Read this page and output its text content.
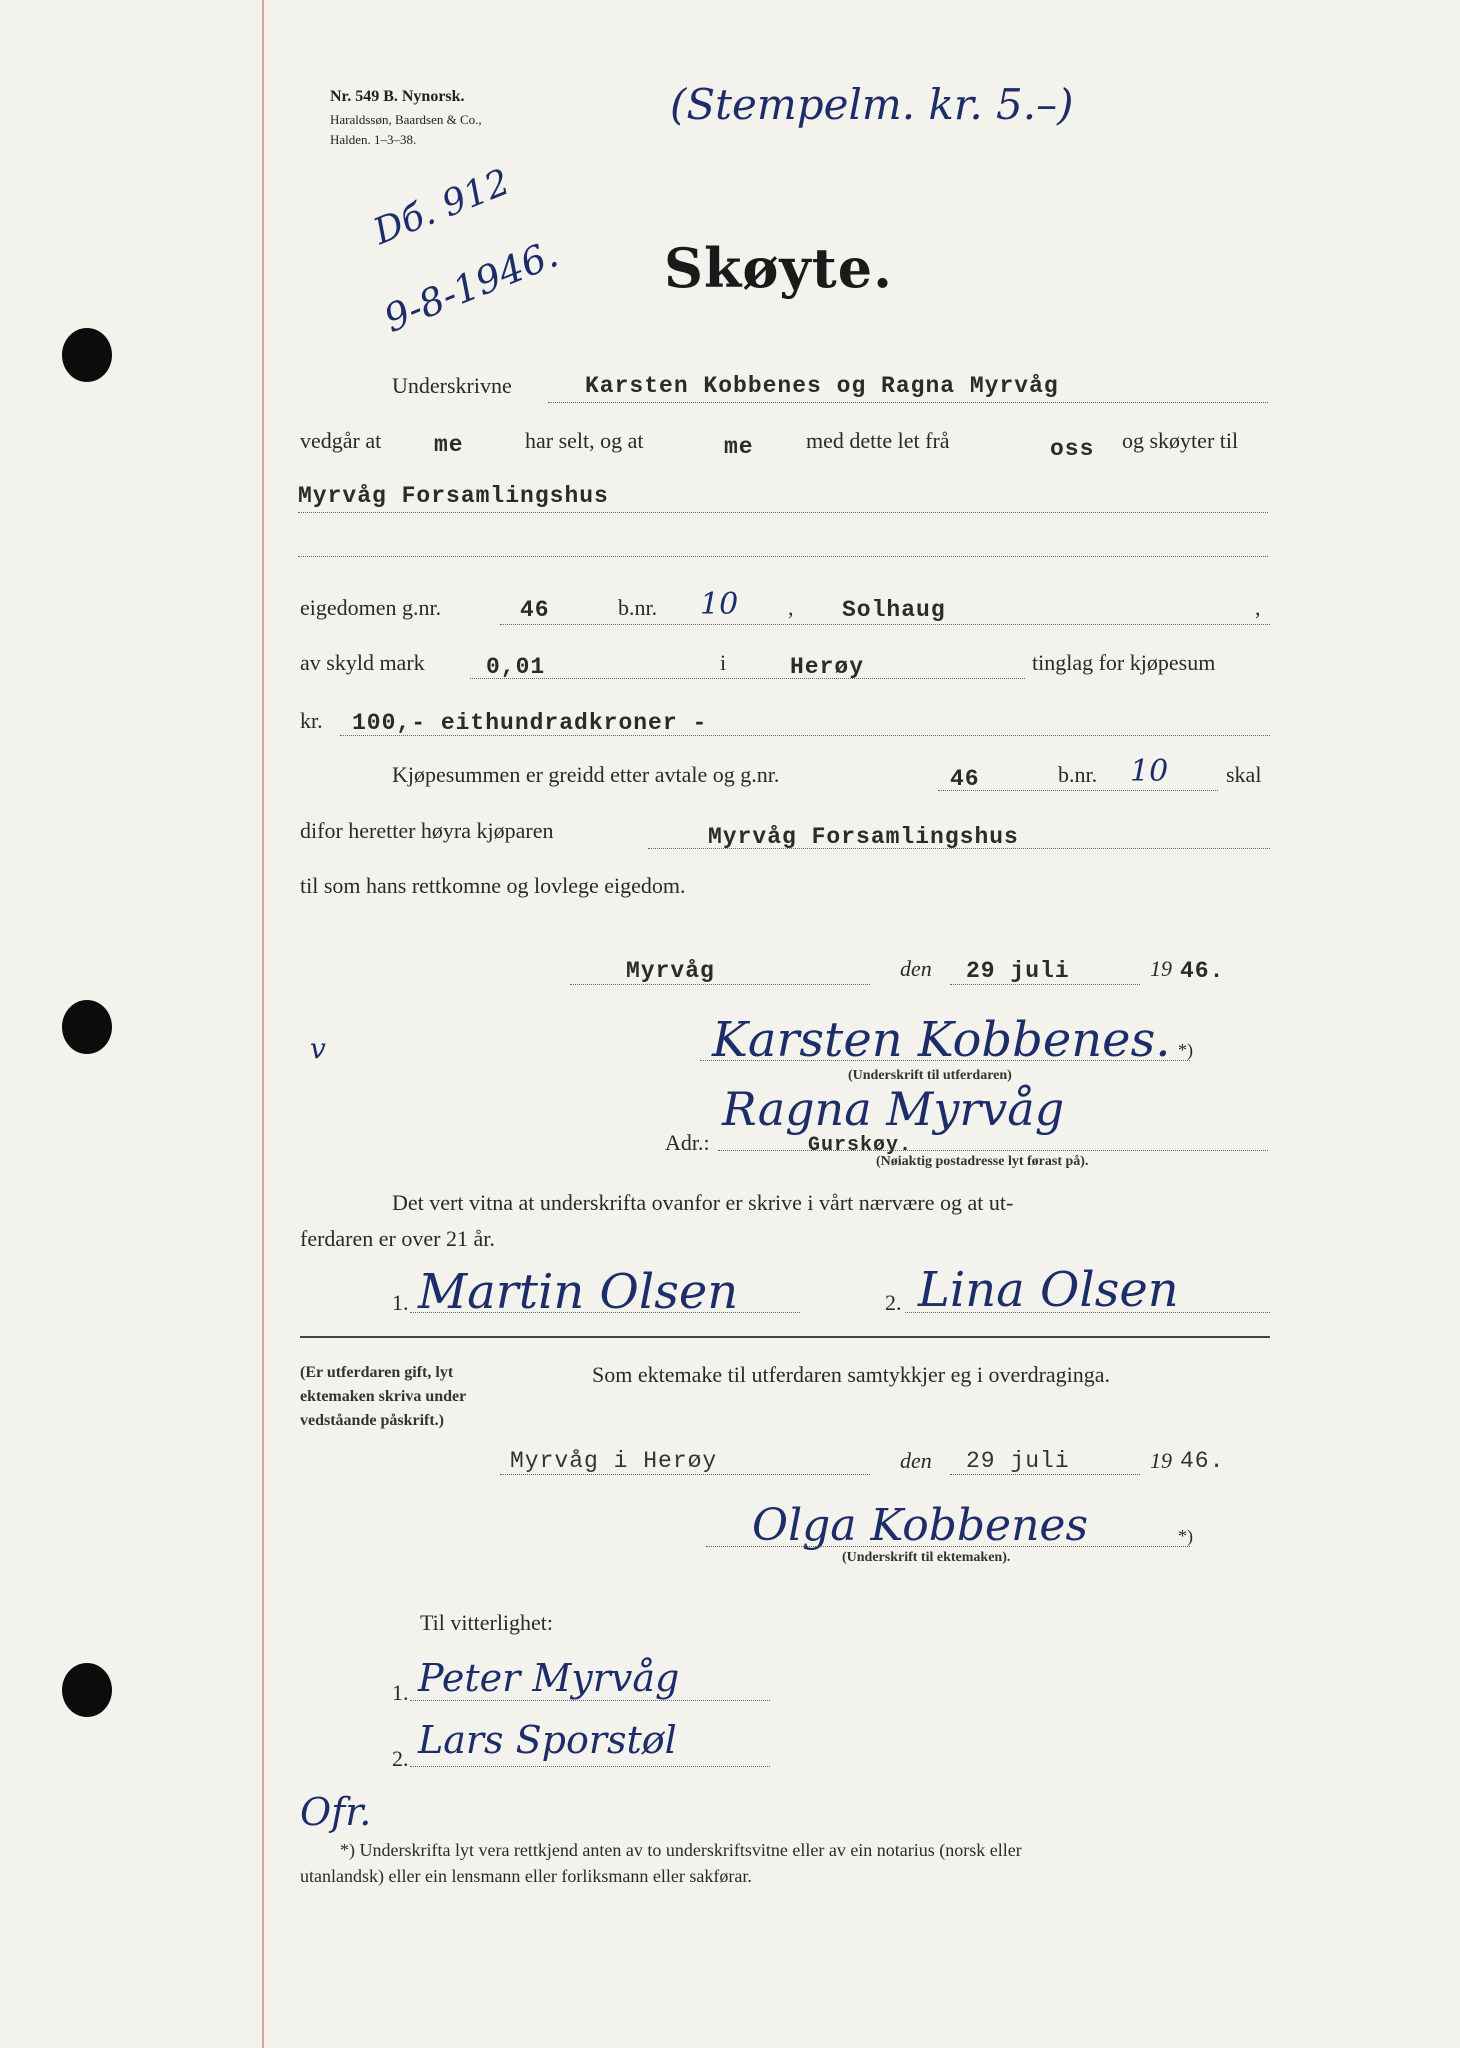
Nr. 549 B. Nynorsk.
Haraldssøn, Baardsen & Co.,
Halden. 1–3–38.
(Stempelm. kr. 5.–)
Dб. 912
9-8-1946. Skøyte.
Underskrivne	Karsten Kobbenes og Ragna Myrvåg
vedgår at me	har selt, og at	me med dette let frå	oss og skøyter til
Myrvåg Forsamlingshus
eigedomen g.nr.	46	b.nr. 10 , Solhaug	,
av skyld mark	0,01	i	Herøy	tinglag for kjøpesum
kr. 100,- eithundradkroner -
Kjøpesummen er greidd etter avtale og g.nr.	46	b.nr. 10	skal
difor heretter høyra kjøparen	Myrvåg Forsamlingshus
til som hans rettkomne og lovlege eigedom.
Myrvåg	den 29 juli	19 46.
v	Karsten Kobbenes. *)
(Underskrift til utferdaren)
Ragna Myrvåg
Adr.:	Gurskøy.
(Nøiaktig postadresse lyt førast på).
Det vert vitna at underskrifta ovanfor er skrive i vårt nærvære og at ut-
ferdaren er over 21 år.
1. Martin Olsen	2. Lina Olsen
(Er utferdaren gift, lyt
ektemaken skriva under
vedståande påskrift.)
Som ektemake til utferdaren samtykkjer eg i overdraginga.
Myrvåg i Herøy	den 29 juli	19 46.
Olga Kobbenes	*)
(Underskrift til ektemaken).
Til vitterlighet:
1. Peter Myrvåg
2. Lars Sporstøl
Ofr.
*) Underskrifta lyt vera rettkjend anten av to underskriftsvitne eller av ein notarius (norsk eller
utanlandsk) eller ein lensmann eller forliksmann eller sakførar.
